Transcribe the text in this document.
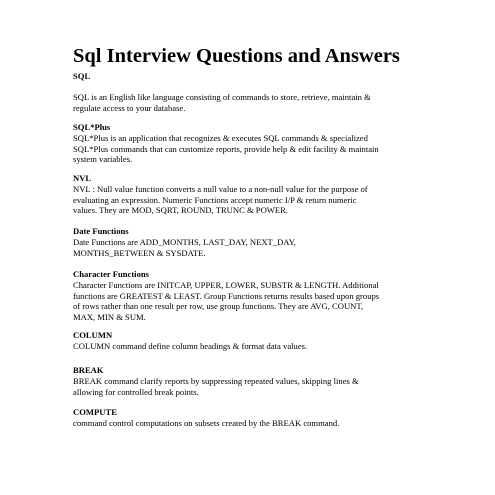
Sql Interview Questions and Answers
SQL
SQL is an English like language consisting of commands to store, retrieve, maintain &
regulate access to your database.
SQL*Plus
SQL*Plus is an application that recognizes & executes SQL commands & specialized
SQL*Plus commands that can customize reports, provide help & edit facility & maintain
system variables.
NVL
NVL : Null value function converts a null value to a non-null value for the purpose of
evaluating an expression. Numeric Functions accept numeric I/P & return numeric
values. They are MOD, SQRT, ROUND, TRUNC & POWER.
Date Functions
Date Functions are ADD_MONTHS, LAST_DAY, NEXT_DAY,
MONTHS_BETWEEN & SYSDATE.
Character Functions
Character Functions are INITCAP, UPPER, LOWER, SUBSTR & LENGTH. Additional
functions are GREATEST & LEAST. Group Functions returns results based upon groups
of rows rather than one result per row, use group functions. They are AVG, COUNT,
MAX, MIN & SUM.
COLUMN
COLUMN command define column headings & format data values.
BREAK
BREAK command clarify reports by suppressing repeated values, skipping lines &
allowing for controlled break points.
COMPUTE
command control computations on subsets created by the BREAK command.
